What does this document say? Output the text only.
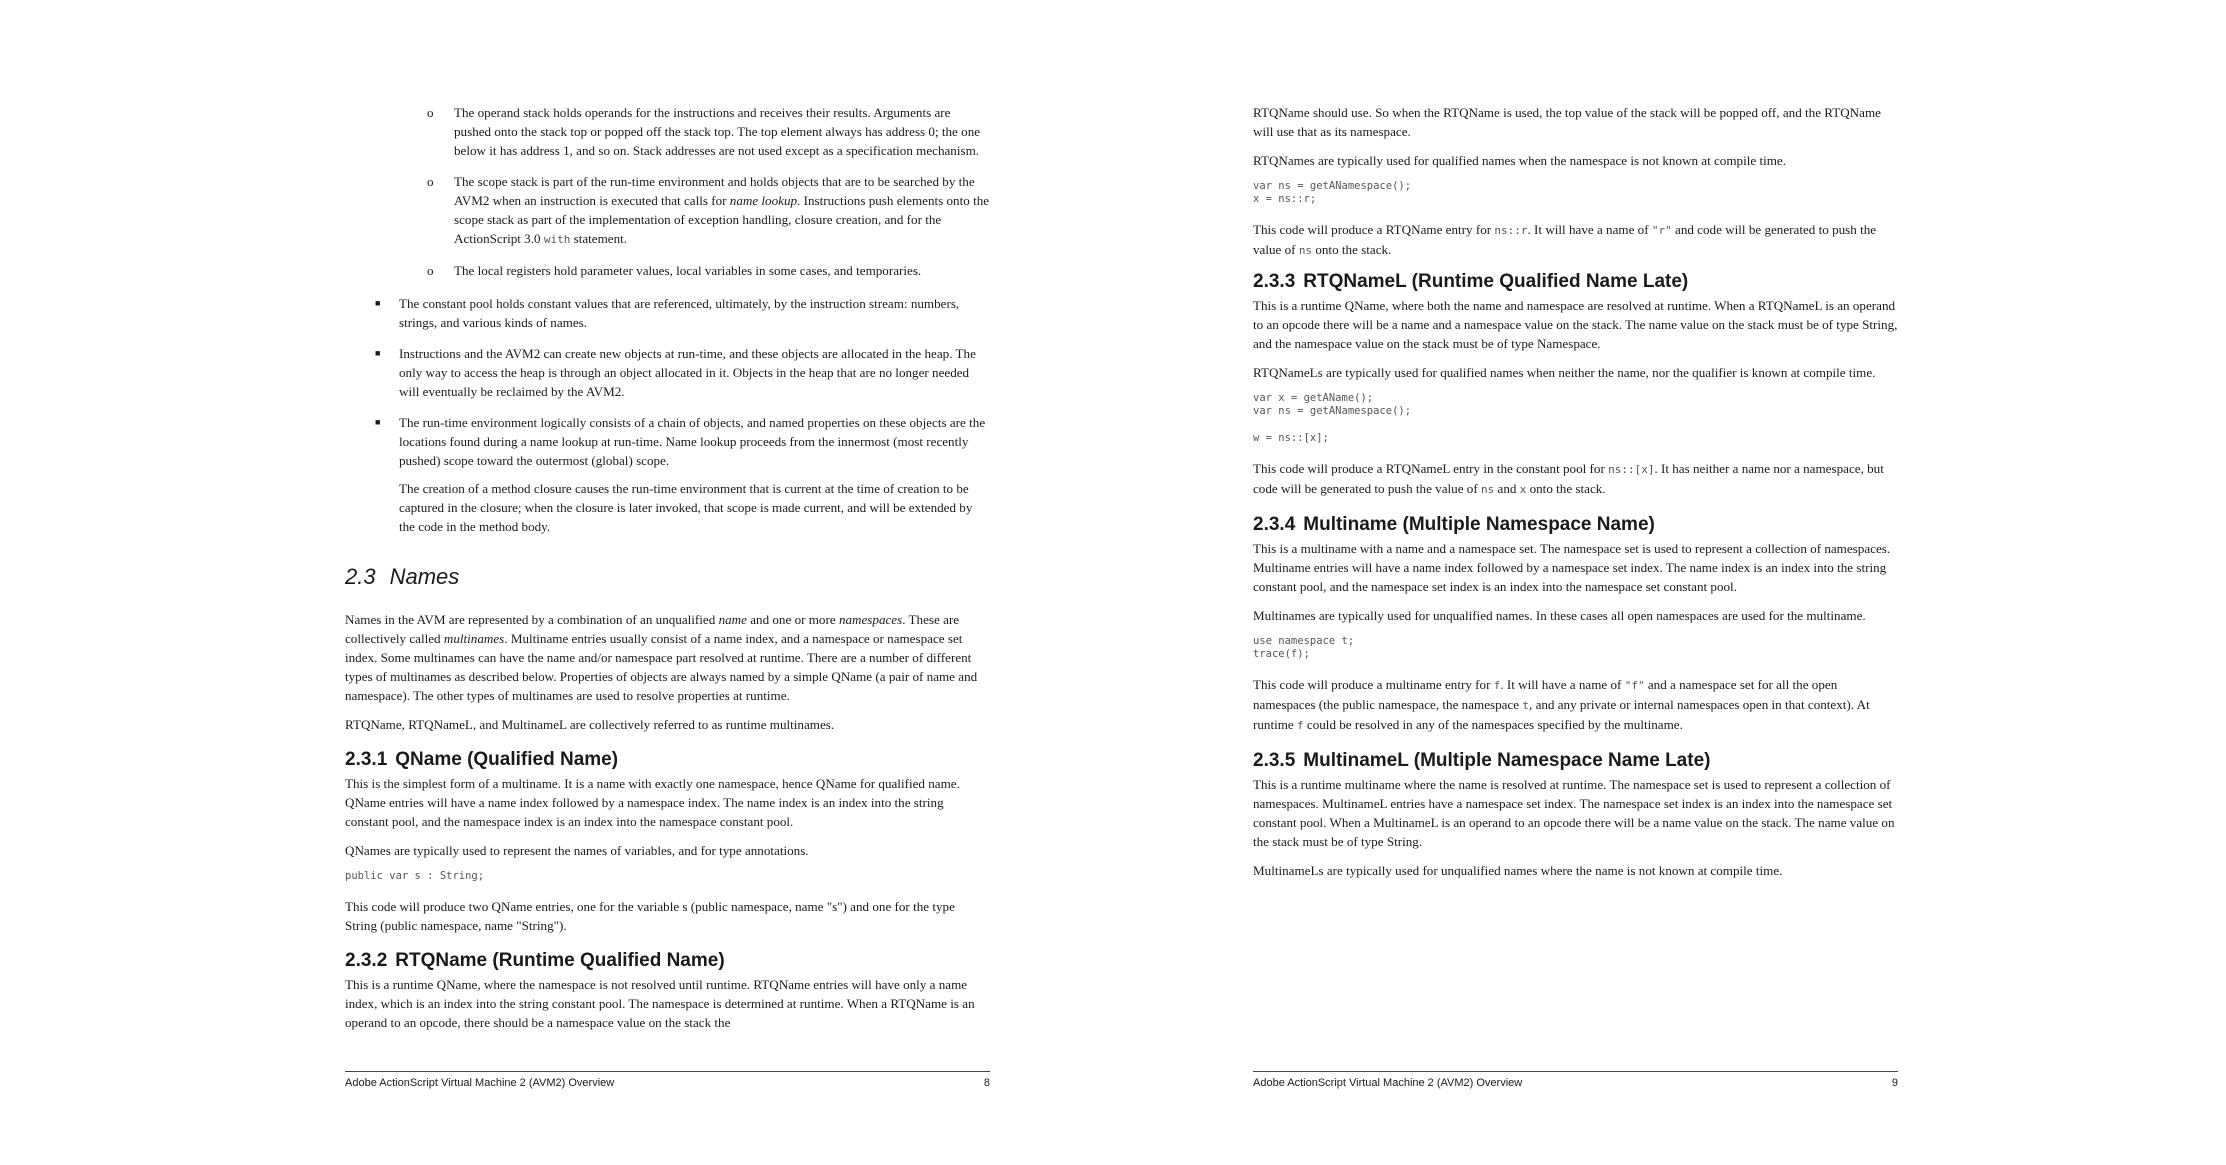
o The operand stack holds operands for the instructions and receives their results. Arguments are pushed onto the stack top or popped off the stack top. The top element always has address 0; the one below it has address 1, and so on. Stack addresses are not used except as a specification mechanism.
o The scope stack is part of the run-time environment and holds objects that are to be searched by the AVM2 when an instruction is executed that calls for name lookup. Instructions push elements onto the scope stack as part of the implementation of exception handling, closure creation, and for the ActionScript 3.0 with statement.
o The local registers hold parameter values, local variables in some cases, and temporaries.
■ The constant pool holds constant values that are referenced, ultimately, by the instruction stream: numbers, strings, and various kinds of names.

■ Instructions and the AVM2 can create new objects at run-time, and these objects are allocated in the heap. The only way to access the heap is through an object allocated in it. Objects in the heap that are no longer needed will eventually be reclaimed by the AVM2.

■ The run-time environment logically consists of a chain of objects, and named properties on these objects are the locations found during a name lookup at run-time. Name lookup proceeds from the innermost (most recently pushed) scope toward the outermost (global) scope.

The creation of a method closure causes the run-time environment that is current at the time of creation to be captured in the closure; when the closure is later invoked, that scope is made current, and will be extended by the code in the method body.

2.3 Names

Names in the AVM are represented by a combination of an unqualified name and one or more namespaces. These are collectively called multinames. Multiname entries usually consist of a name index, and a namespace or namespace set index. Some multinames can have the name and/or namespace part resolved at runtime. There are a number of different types of multinames as described below. Properties of objects are always named by a simple QName (a pair of name and namespace). The other types of multinames are used to resolve properties at runtime.

RTQName, RTQNameL, and MultinameL are collectively referred to as runtime multinames.

2.3.1 QName (Qualified Name)

This is the simplest form of a multiname. It is a name with exactly one namespace, hence QName for qualified name. QName entries will have a name index followed by a namespace index. The name index is an index into the string constant pool, and the namespace index is an index into the namespace constant pool.

QNames are typically used to represent the names of variables, and for type annotations.

public var s : String;

This code will produce two QName entries, one for the variable s (public namespace, name "s") and one for the type String (public namespace, name "String").

2.3.2 RTQName (Runtime Qualified Name)

This is a runtime QName, where the namespace is not resolved until runtime. RTQName entries will have only a name index, which is an index into the string constant pool. The namespace is determined at runtime. When a RTQName is an operand to an opcode, there should be a namespace value on the stack the

Adobe ActionScript Virtual Machine 2 (AVM2) Overview	8

RTQName should use. So when the RTQName is used, the top value of the stack will be popped off, and the RTQName will use that as its namespace.

RTQNames are typically used for qualified names when the namespace is not known at compile time.

var ns = getANamespace();
x = ns::r;

This code will produce a RTQName entry for ns::r. It will have a name of "r" and code will be generated to push the value of ns onto the stack.

2.3.3 RTQNameL (Runtime Qualified Name Late)

This is a runtime QName, where both the name and namespace are resolved at runtime. When a RTQNameL is an operand to an opcode there will be a name and a namespace value on the stack. The name value on the stack must be of type String, and the namespace value on the stack must be of type Namespace.

RTQNameLs are typically used for qualified names when neither the name, nor the qualifier is known at compile time.

var x = getAName();
var ns = getANamespace();
w = ns::[x];

This code will produce a RTQNameL entry in the constant pool for ns::[x]. It has neither a name nor a namespace, but code will be generated to push the value of ns and x onto the stack.

2.3.4 Multiname (Multiple Namespace Name)

This is a multiname with a name and a namespace set. The namespace set is used to represent a collection of namespaces. Multiname entries will have a name index followed by a namespace set index. The name index is an index into the string constant pool, and the namespace set index is an index into the namespace set constant pool.

Multinames are typically used for unqualified names. In these cases all open namespaces are used for the multiname.

use namespace t;
trace(f);

This code will produce a multiname entry for f. It will have a name of "f" and a namespace set for all the open namespaces (the public namespace, the namespace t, and any private or internal namespaces open in that context). At runtime f could be resolved in any of the namespaces specified by the multiname.

2.3.5 MultinameL (Multiple Namespace Name Late)

This is a runtime multiname where the name is resolved at runtime. The namespace set is used to represent a collection of namespaces. MultinameL entries have a namespace set index. The namespace set index is an index into the namespace set constant pool. When a MultinameL is an operand to an opcode there will be a name value on the stack. The name value on the stack must be of type String.

MultinameLs are typically used for unqualified names where the name is not known at compile time.

Adobe ActionScript Virtual Machine 2 (AVM2) Overview	9
